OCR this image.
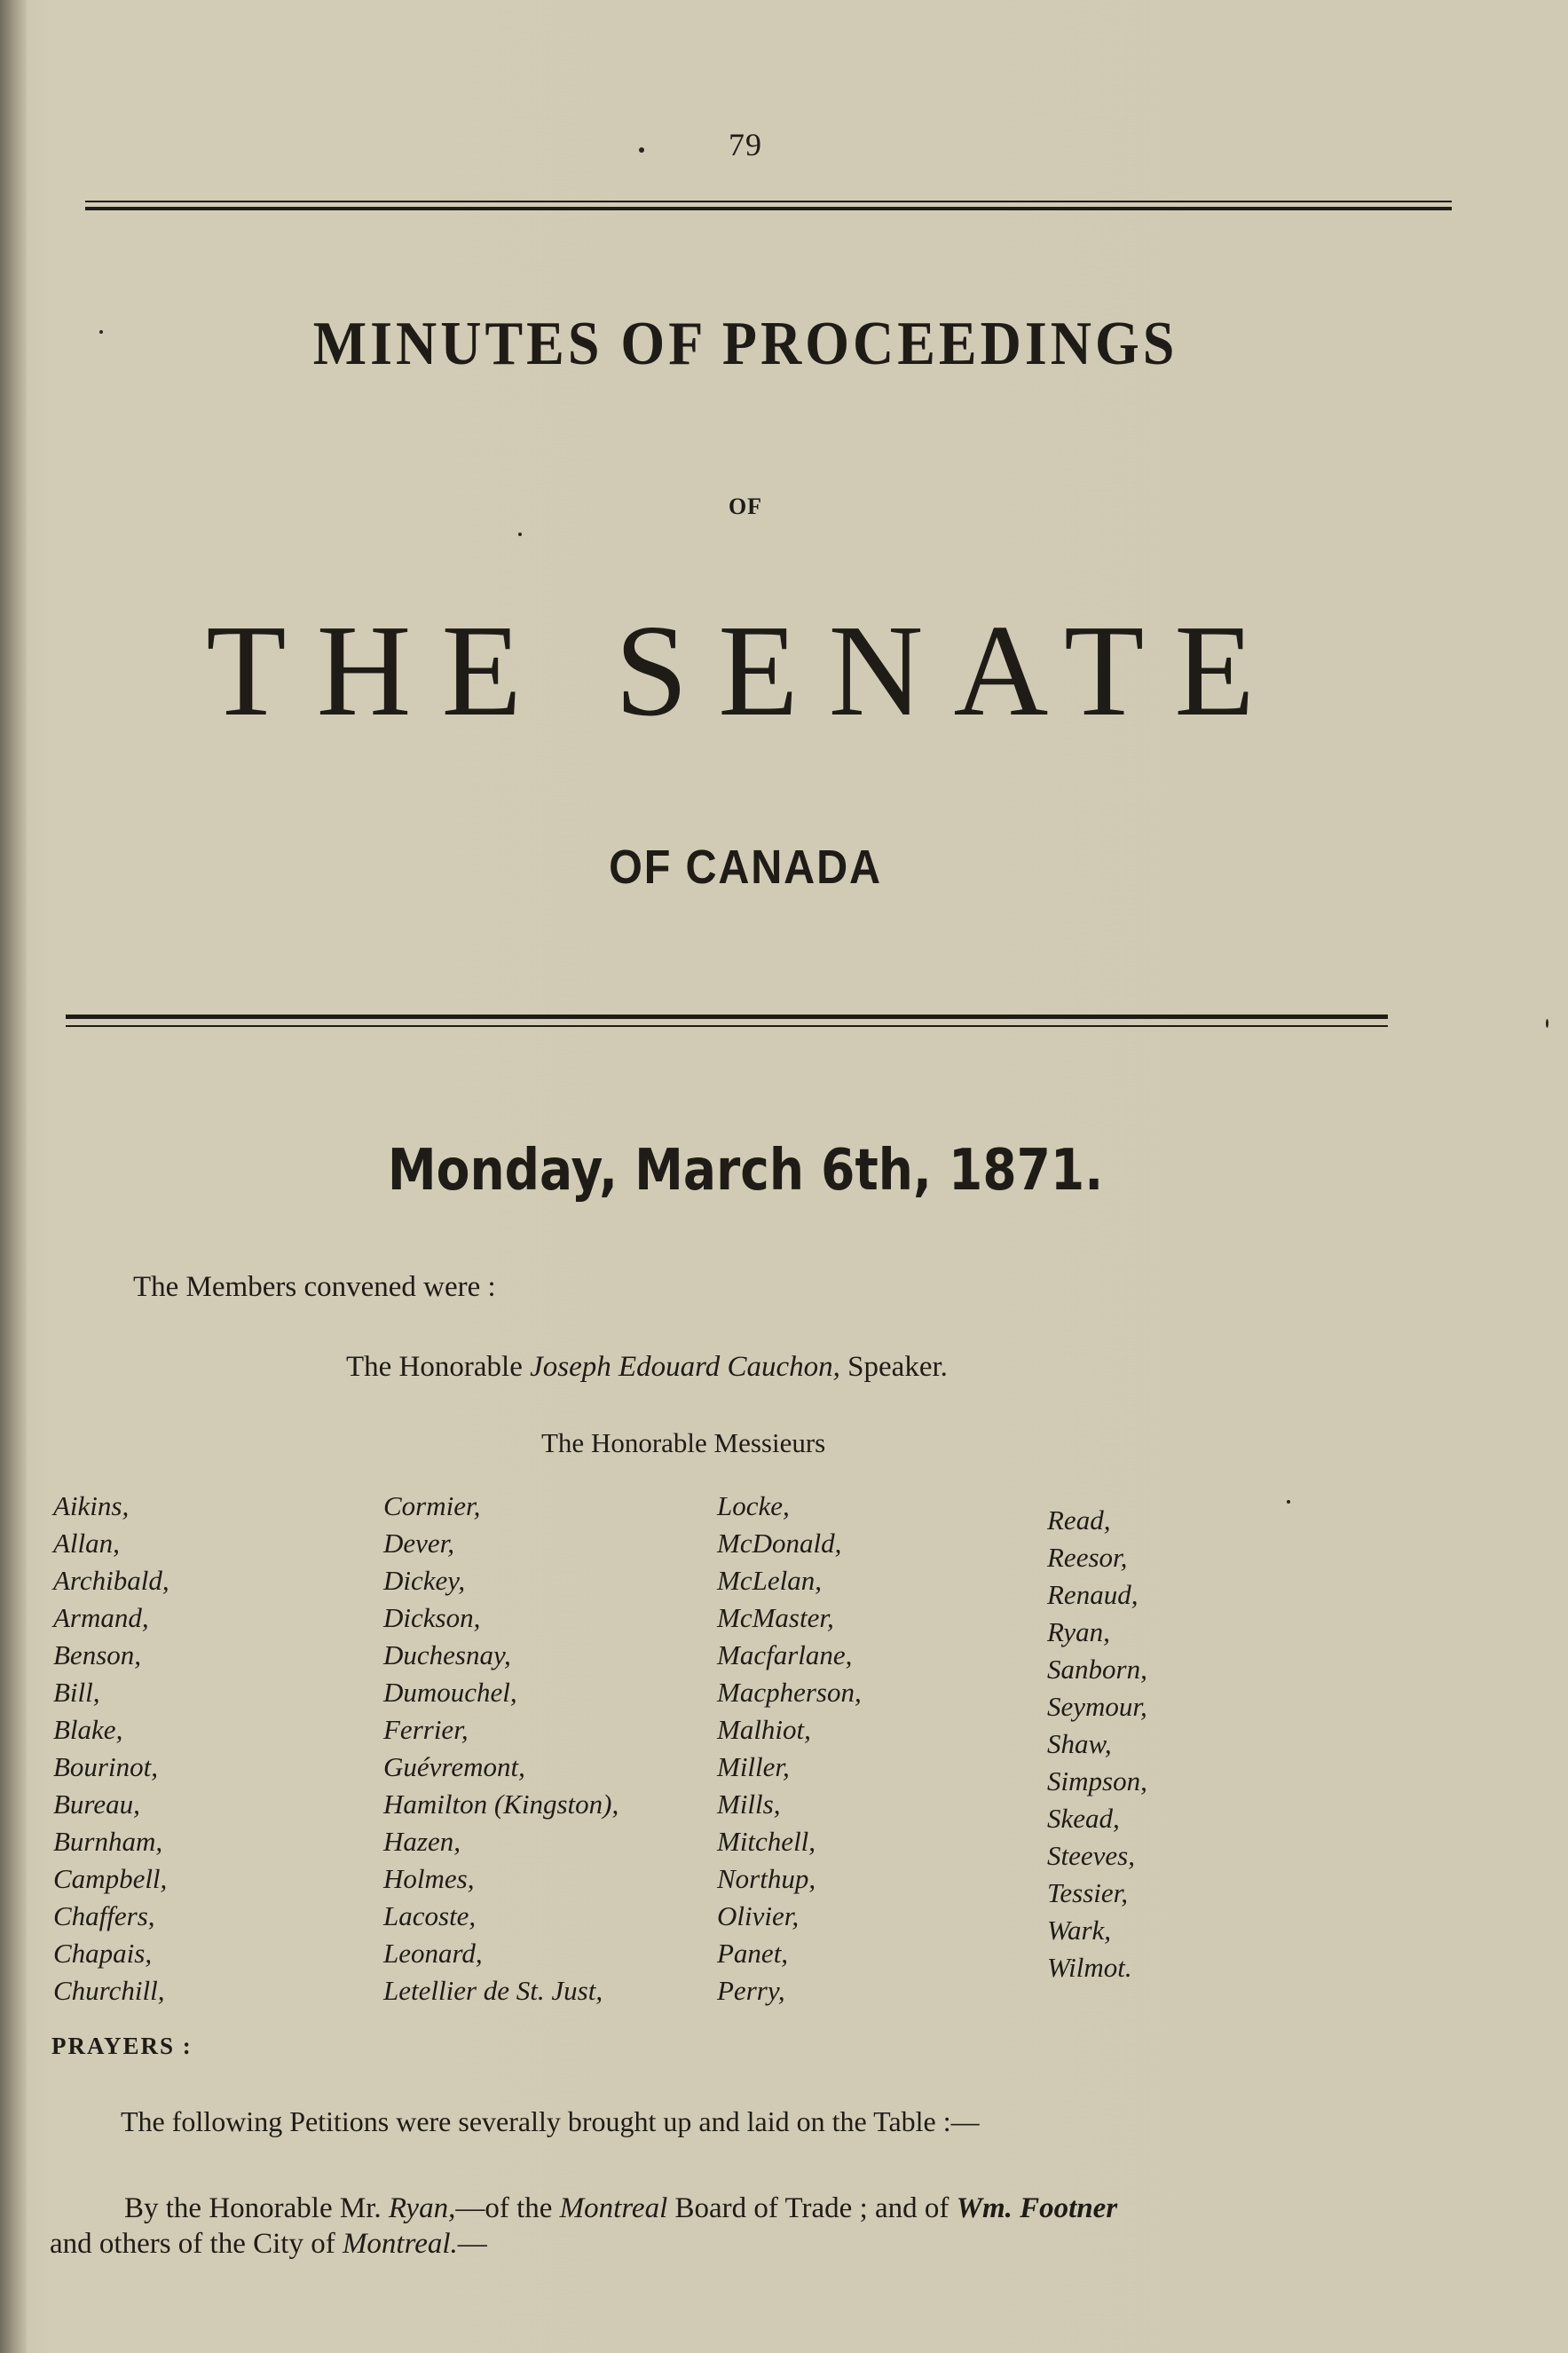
79
MINUTES OF PROCEEDINGS
OF
THE SENATE
OF CANADA
Monday, March 6th, 1871.
The Members convened were :
The Honorable Joseph Edouard Cauchon, Speaker.
The Honorable Messieurs
Aikins,
Allan,
Archibald,
Armand,
Benson,
Bill,
Blake,
Bourinot,
Bureau,
Burnham,
Campbell,
Chaffers,
Chapais,
Churchill,
Cormier,
Dever,
Dickey,
Dickson,
Duchesnay,
Dumouchel,
Ferrier,
Guévremont,
Hamilton (Kingston),
Hazen,
Holmes,
Lacoste,
Leonard,
Letellier de St. Just,
Locke,
McDonald,
McLelan,
McMaster,
Macfarlane,
Macpherson,
Malhiot,
Miller,
Mills,
Mitchell,
Northup,
Olivier,
Panet,
Perry,
Read,
Reesor,
Renaud,
Ryan,
Sanborn,
Seymour,
Shaw,
Simpson,
Skead,
Steeves,
Tessier,
Wark,
Wilmot.
PRAYERS :
The following Petitions were severally brought up and laid on the Table :—
By the Honorable Mr. Ryan,—of the Montreal Board of Trade ; and of Wm. Footner
and others of the City of Montreal.—
